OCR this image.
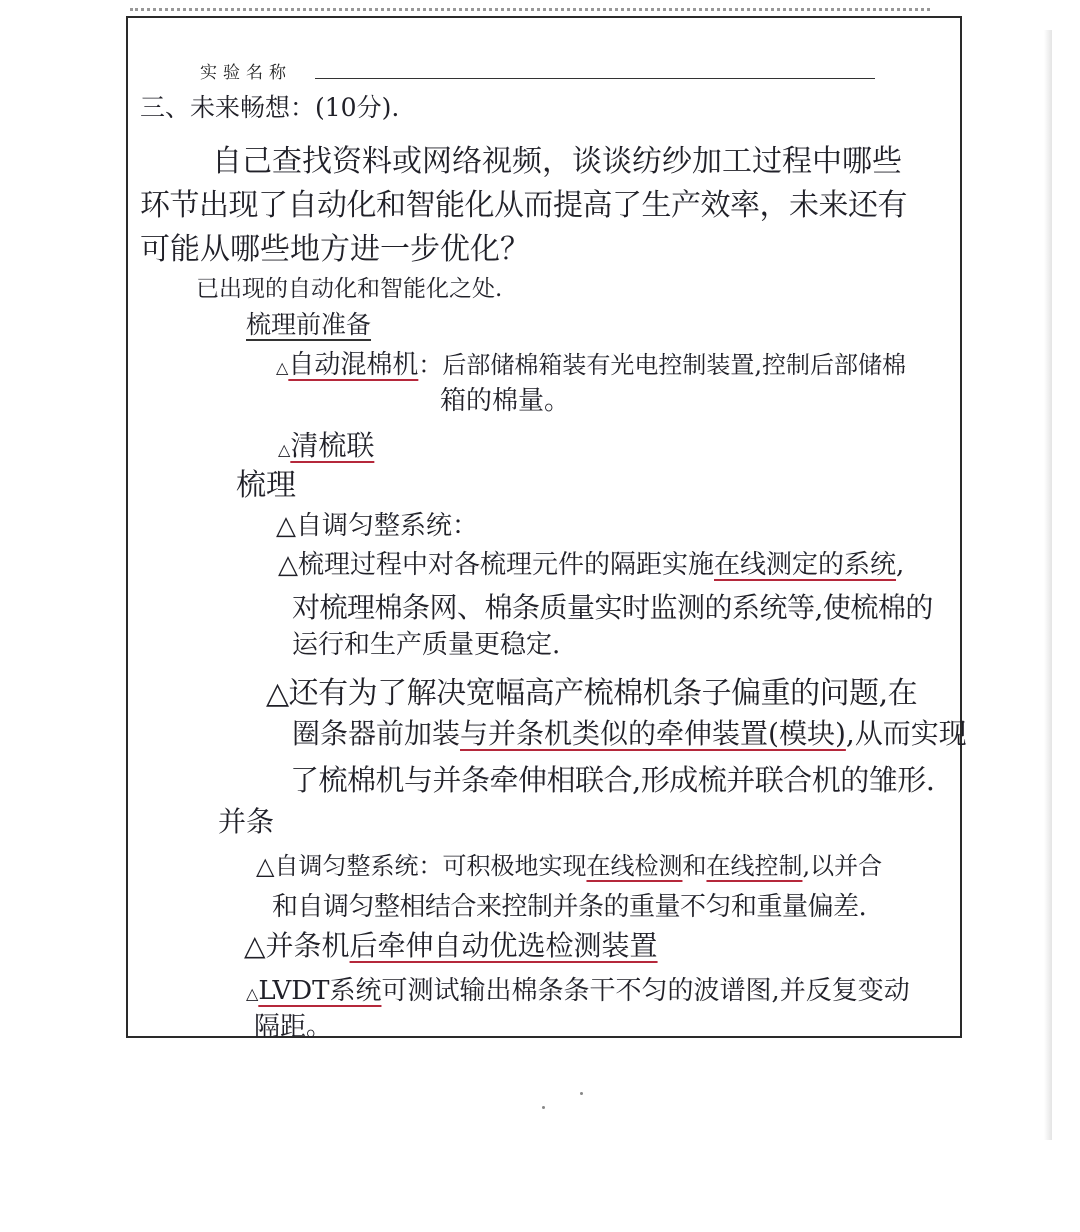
实验名称
三、未来畅想：(10分).
自己查找资料或网络视频，谈谈纺纱加工过程中哪些
环节出现了自动化和智能化从而提高了生产效率，未来还有
可能从哪些地方进一步优化？
已出现的自动化和智能化之处.
梳理前准备
△自动混棉机：后部储棉箱装有光电控制装置,控制后部储棉
箱的棉量。
△清梳联
梳理
△自调匀整系统：
△梳理过程中对各梳理元件的隔距实施在线测定的系统,
对梳理棉条网、棉条质量实时监测的系统等,使梳棉的
运行和生产质量更稳定.
△还有为了解决宽幅高产梳棉机条子偏重的问题,在
圈条器前加装与并条机类似的牵伸装置(模块),从而实现
了梳棉机与并条牵伸相联合,形成梳并联合机的雏形.
并条
△自调匀整系统：可积极地实现在线检测和在线控制,以并合
和自调匀整相结合来控制并条的重量不匀和重量偏差.
△并条机后牵伸自动优选检测装置
△LVDT系统可测试输出棉条条干不匀的波谱图,并反复变动
隔距。
